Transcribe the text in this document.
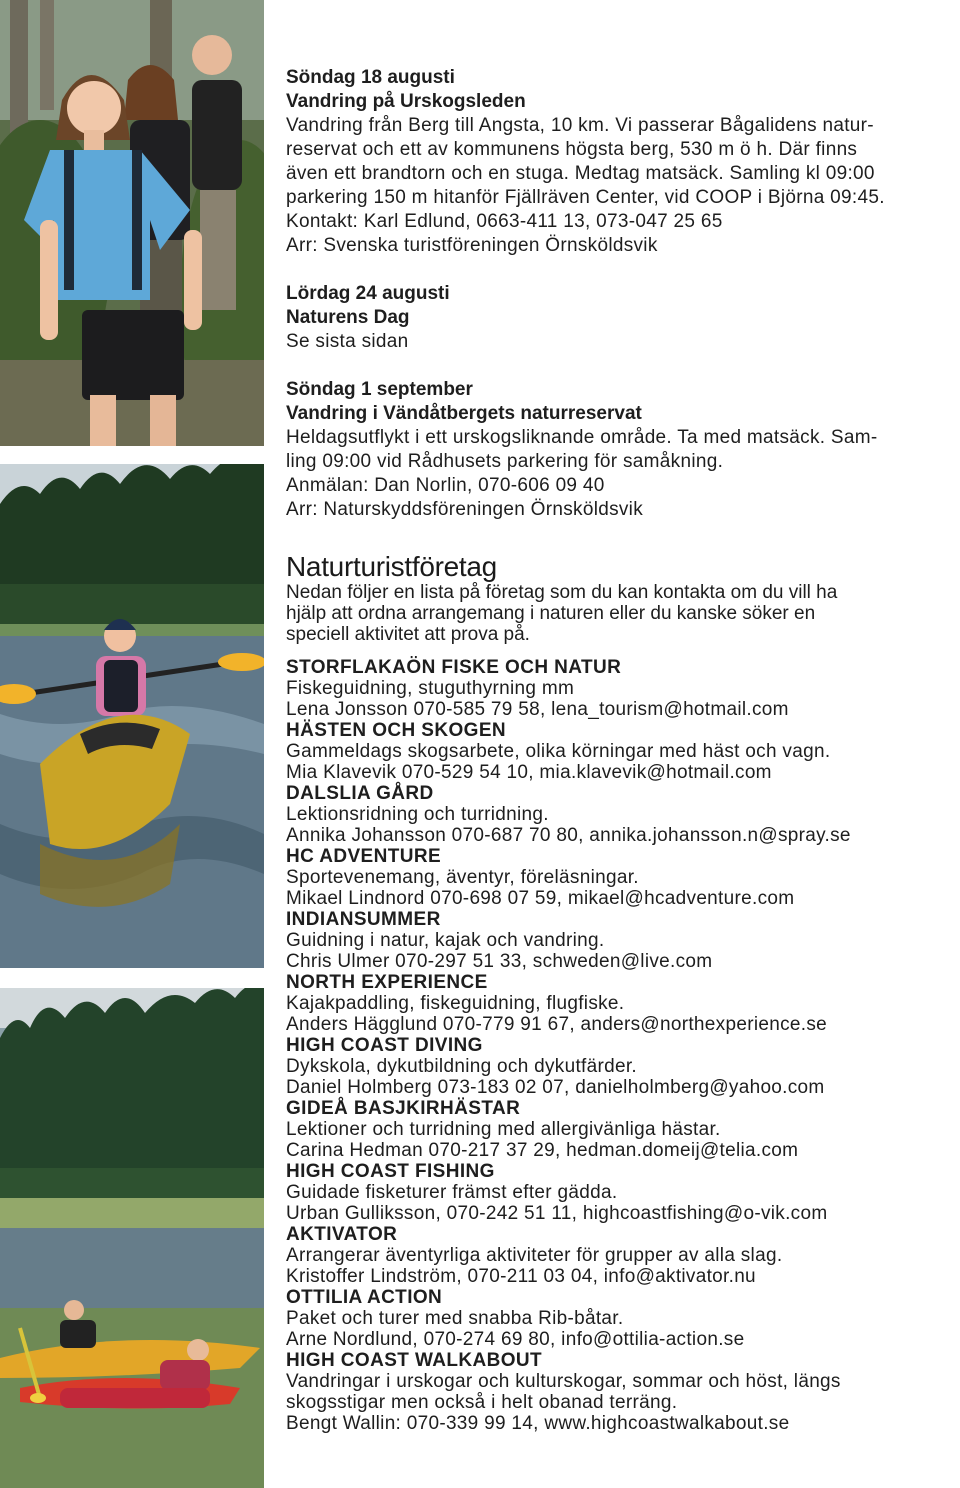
Söndag 18 augusti
Vandring på Urskogsleden
Vandring från Berg till Angsta, 10 km. Vi passerar Bågalidens natur-
reservat och ett av kommunens högsta berg, 530 m ö h. Där finns
även ett brandtorn och en stuga. Medtag matsäck. Samling kl 09:00
parkering 150 m hitanför Fjällräven Center, vid COOP i Björna 09:45.
Kontakt: Karl Edlund, 0663-411 13, 073-047 25 65
Arr: Svenska turistföreningen Örnsköldsvik
Lördag 24 augusti
Naturens Dag
Se sista sidan
Söndag 1 september
Vandring i Vändåtbergets naturreservat
Heldagsutflykt i ett urskogsliknande område. Ta med matsäck. Sam-
ling 09:00 vid Rådhusets parkering för samåkning.
Anmälan: Dan Norlin, 070-606 09 40
Arr: Naturskyddsföreningen Örnsköldsvik
Naturturistföretag
Nedan följer en lista på företag som du kan kontakta om du vill ha
hjälp att ordna arrangemang i naturen eller du kanske söker en
speciell aktivitet att prova på.
STORFLAKAÖN FISKE OCH NATUR
Fiskeguidning, stuguthyrning mm
Lena Jonsson 070-585 79 58, lena_tourism@hotmail.com
HÄSTEN OCH SKOGEN
Gammeldags skogsarbete, olika körningar med häst och vagn.
Mia Klavevik 070-529 54 10, mia.klavevik@hotmail.com
DALSLIA GÅRD
Lektionsridning och turridning.
Annika Johansson 070-687 70 80, annika.johansson.n@spray.se
HC ADVENTURE
Sportevenemang, äventyr, föreläsningar.
Mikael Lindnord 070-698 07 59, mikael@hcadventure.com
INDIANSUMMER
Guidning i natur, kajak och vandring.
Chris Ulmer 070-297 51 33, schweden@live.com
NORTH EXPERIENCE
Kajakpaddling, fiskeguidning, flugfiske.
Anders Hägglund 070-779 91 67, anders@northexperience.se
HIGH COAST DIVING
Dykskola, dykutbildning och dykutfärder.
Daniel Holmberg 073-183 02 07, danielholmberg@yahoo.com
GIDEÅ BASJKIRHÄSTAR
Lektioner och turridning med allergivänliga hästar.
Carina Hedman 070-217 37 29, hedman.domeij@telia.com
HIGH COAST FISHING
Guidade fisketurer främst efter gädda.
Urban Gulliksson, 070-242 51 11, highcoastfishing@o-vik.com
AKTIVATOR
Arrangerar äventyrliga aktiviteter för grupper av alla slag.
Kristoffer Lindström, 070-211 03 04, info@aktivator.nu
OTTILIA ACTION
Paket och turer med snabba Rib-båtar.
Arne Nordlund, 070-274 69 80, info@ottilia-action.se
HIGH COAST WALKABOUT
Vandringar i urskogar och kulturskogar, sommar och höst, längs
skogsstigar men också i helt obanad terräng.
Bengt Wallin: 070-339 99 14, www.highcoastwalkabout.se
